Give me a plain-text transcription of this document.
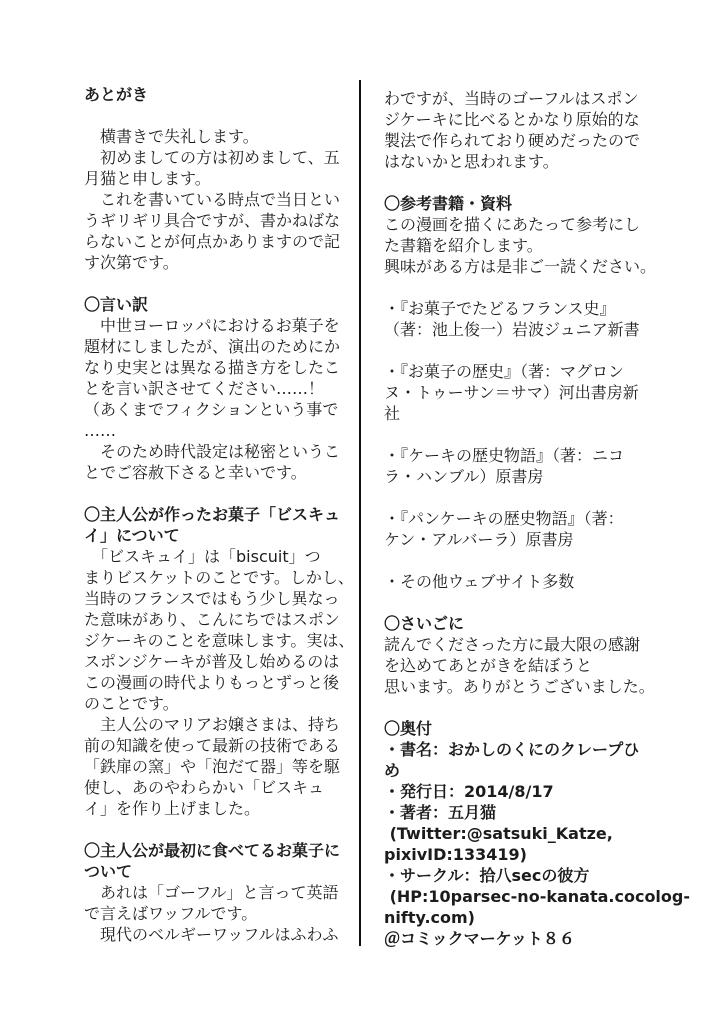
あとがき
　横書きで失礼します。
　初めましての方は初めまして、五
月猫と申します。
　これを書いている時点で当日とい
うギリギリ具合ですが、書かねばな
らないことが何点かありますので記
す次第です。
〇言い訳
　中世ヨーロッパにおけるお菓子を
題材にしましたが、演出のためにか
なり史実とは異なる描き方をしたこ
とを言い訳させてください……！
（あくまでフィクションという事で
……
　そのため時代設定は秘密というこ
とでご容赦下さると幸いです。
〇主人公が作ったお菓子「ビスキュ
イ」について
　「ビスキュイ」は「biscuit」つ
まりビスケットのことです。しかし、
当時のフランスではもう少し異なっ
た意味があり、こんにちではスポン
ジケーキのことを意味します。実は、
スポンジケーキが普及し始めるのは
この漫画の時代よりもっとずっと後
のことです。
　主人公のマリアお嬢さまは、持ち
前の知識を使って最新の技術である
「鉄扉の窯」や「泡だて器」等を駆
使し、あのやわらかい「ビスキュ
イ」を作り上げました。
〇主人公が最初に食べてるお菓子に
ついて
　あれは「ゴーフル」と言って英語
で言えばワッフルです。
　現代のベルギーワッフルはふわふ
わですが、当時のゴーフルはスポン
ジケーキに比べるとかなり原始的な
製法で作られており硬めだったので
はないかと思われます。
〇参考書籍・資料
この漫画を描くにあたって参考にし
た書籍を紹介します。
興味がある方は是非ご一読ください。
・『お菓子でたどるフランス史』
（著：池上俊一）岩波ジュニア新書
・『お菓子の歴史』（著：マグロン
ヌ・トゥーサン＝サマ）河出書房新
社
・『ケーキの歴史物語』（著：ニコ
ラ・ハンブル）原書房
・『パンケーキの歴史物語』（著：
ケン・アルバーラ）原書房
・その他ウェブサイト多数
〇さいごに
読んでくださった方に最大限の感謝
を込めてあとがきを結ぼうと
思います。ありがとうございました。
〇奥付
・書名：おかしのくにのクレープひ
め
・発行日：2014/8/17
・著者：五月猫
(Twitter:@satsuki_Katze,
pixivID:133419)
・サークル：拾八secの彼方
(HP:10parsec-no-kanata.cocolog-
nifty.com)
＠コミックマーケット８６
